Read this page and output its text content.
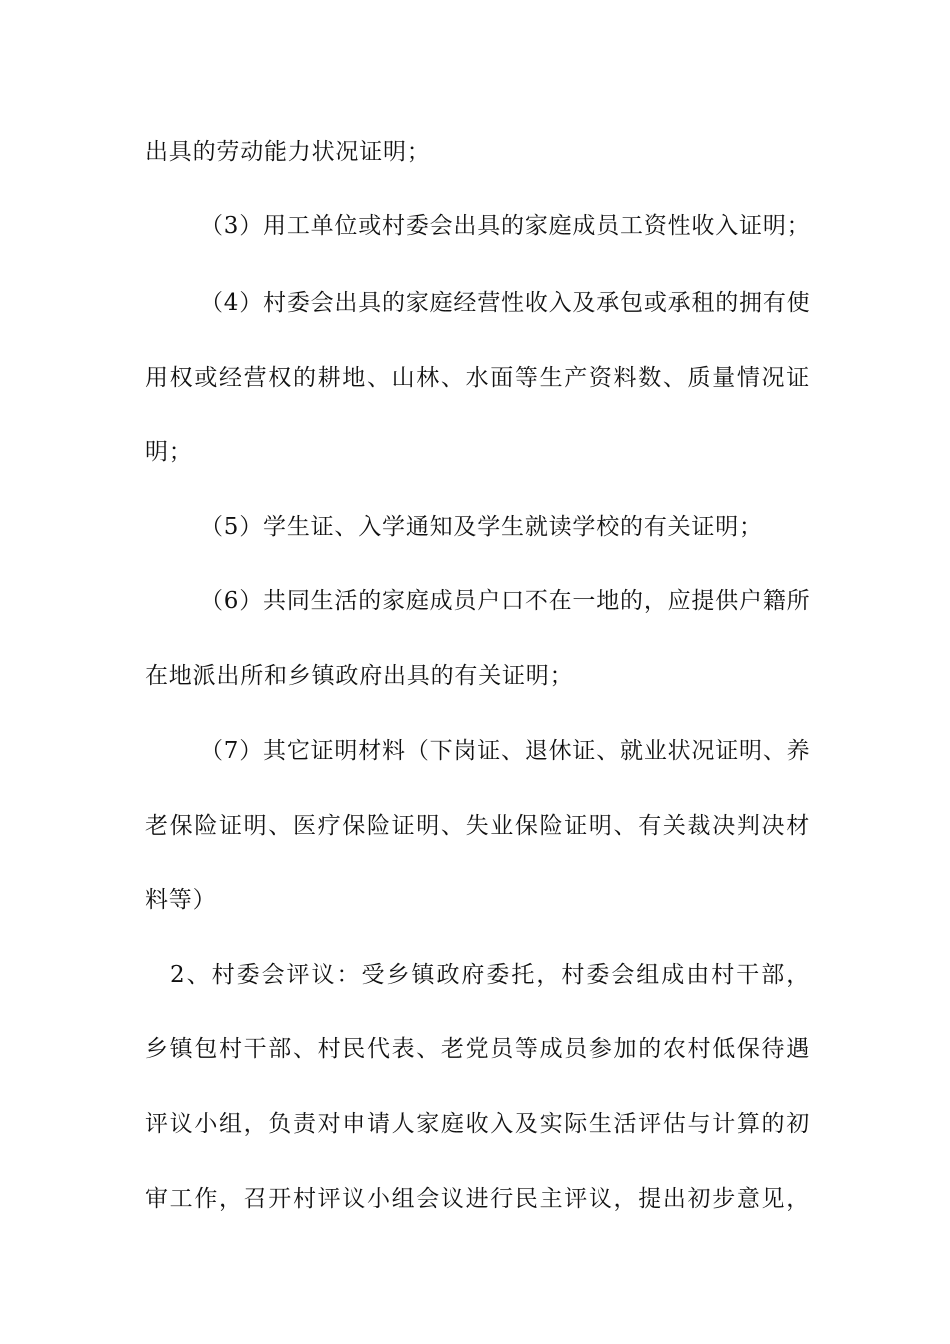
出具的劳动能力状况证明；
（3）用工单位或村委会出具的家庭成员工资性收入证明；
（4）村委会出具的家庭经营性收入及承包或承租的拥有使
用权或经营权的耕地、山林、水面等生产资料数、质量情况证
明；
（5）学生证、入学通知及学生就读学校的有关证明；
（6）共同生活的家庭成员户口不在一地的，应提供户籍所
在地派出所和乡镇政府出具的有关证明；
（7）其它证明材料（下岗证、退休证、就业状况证明、养
老保险证明、医疗保险证明、失业保险证明、有关裁决判决材
料等）
2、村委会评议：受乡镇政府委托，村委会组成由村干部，
乡镇包村干部、村民代表、老党员等成员参加的农村低保待遇
评议小组，负责对申请人家庭收入及实际生活评估与计算的初
审工作，召开村评议小组会议进行民主评议，提出初步意见，
